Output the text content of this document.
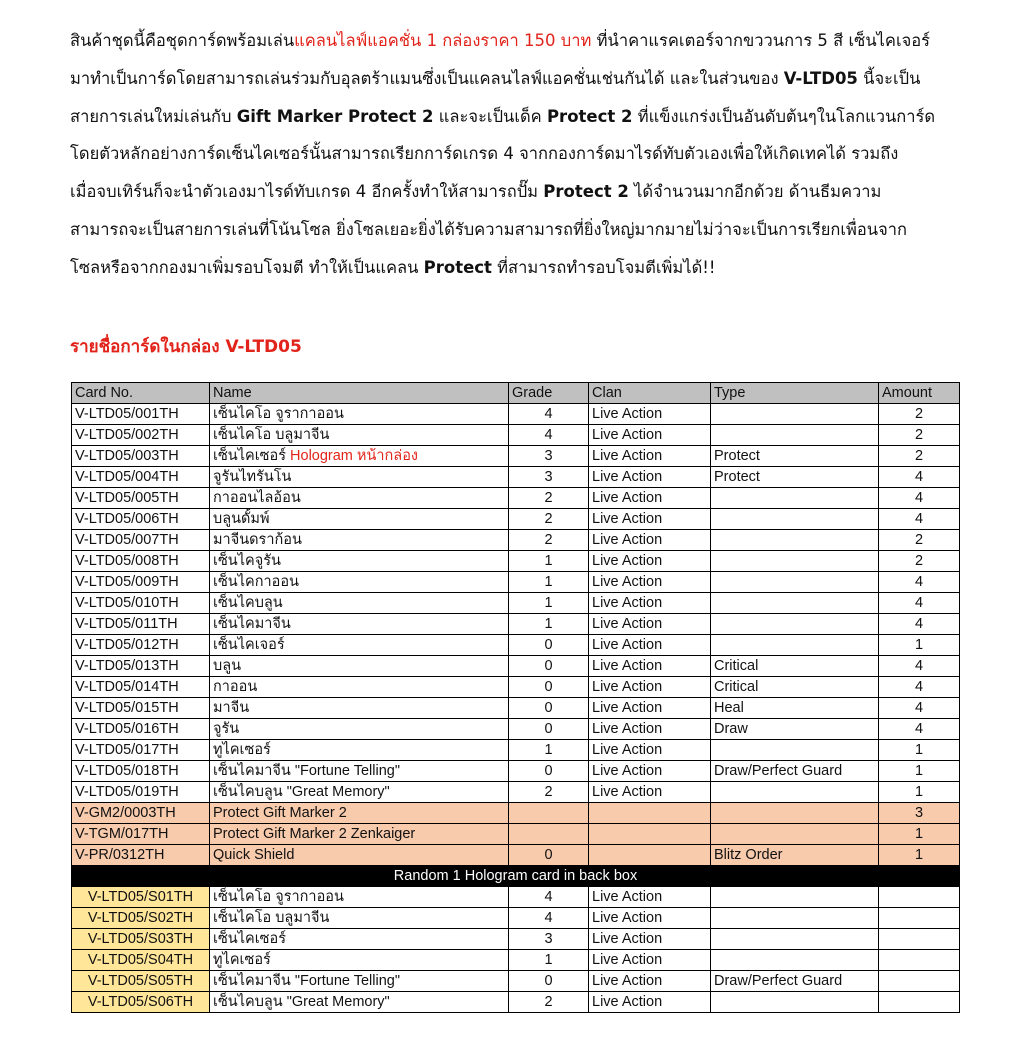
สินค้าชุดนี้คือชุดการ์ดพร้อมเล่นแคลนไลฟ์แอคชั่น 1 กล่องราคา 150 บาท ที่นำคาแรคเตอร์จากขววนการ 5 สี เซ็นไคเจอร์
มาทำเป็นการ์ดโดยสามารถเล่นร่วมกับอุลตร้าแมนซึ่งเป็นแคลนไลฟ์แอคชั่นเช่นกันได้ และในส่วนของ V-LTD05 นี้จะเป็น
สายการเล่นใหม่เล่นกับ Gift Marker Protect 2 และจะเป็นเด็ค Protect 2 ที่แข็งแกร่งเป็นอันดับต้นๆในโลกแวนการ์ด
โดยตัวหลักอย่างการ์ดเซ็นไคเซอร์นั้นสามารถเรียกการ์ดเกรด 4 จากกองการ์ดมาไรด์ทับตัวเองเพื่อให้เกิดเทคได้ รวมถึง
เมื่อจบเทิร์นก็จะนำตัวเองมาไรด์ทับเกรด 4 อีกครั้งทำให้สามารถปั๊ม Protect 2 ได้จำนวนมากอีกด้วย ด้านธีมความ
สามารถจะเป็นสายการเล่นที่โน้นโซล ยิ่งโซลเยอะยิ่งได้รับความสามารถที่ยิ่งใหญ่มากมายไม่ว่าจะเป็นการเรียกเพื่อนจาก
โซลหรือจากกองมาเพิ่มรอบโจมตี ทำให้เป็นแคลน Protect ที่สามารถทำรอบโจมตีเพิ่มได้!!
รายชื่อการ์ดในกล่อง V-LTD05
Card No.	Name	Grade	Clan	Type	Amount
V-LTD05/001TH	เซ็นไคโอ จูรากาออน	4	Live Action		2
V-LTD05/002TH	เซ็นไคโอ บลูมาจีน	4	Live Action		2
V-LTD05/003TH	เซ็นไคเซอร์ Hologram หน้ากล่อง	3	Live Action	Protect	2
V-LTD05/004TH	จูรันไทรันโน	3	Live Action	Protect	4
V-LTD05/005TH	กาออนไลอ้อน	2	Live Action		4
V-LTD05/006TH	บลูนดั้มพ์	2	Live Action		4
V-LTD05/007TH	มาจีนดราก้อน	2	Live Action		2
V-LTD05/008TH	เซ็นไคจูรัน	1	Live Action		2
V-LTD05/009TH	เซ็นไคกาออน	1	Live Action		4
V-LTD05/010TH	เซ็นไคบลูน	1	Live Action		4
V-LTD05/011TH	เซ็นไคมาจีน	1	Live Action		4
V-LTD05/012TH	เซ็นไคเจอร์	0	Live Action		1
V-LTD05/013TH	บลูน	0	Live Action	Critical	4
V-LTD05/014TH	กาออน	0	Live Action	Critical	4
V-LTD05/015TH	มาจีน	0	Live Action	Heal	4
V-LTD05/016TH	จูรัน	0	Live Action	Draw	4
V-LTD05/017TH	ทูไคเซอร์	1	Live Action		1
V-LTD05/018TH	เซ็นไคมาจีน "Fortune Telling"	0	Live Action	Draw/Perfect Guard	1
V-LTD05/019TH	เซ็นไคบลูน "Great Memory"	2	Live Action		1
V-GM2/0003TH	Protect Gift Marker 2				3
V-TGM/017TH	Protect Gift Marker 2 Zenkaiger				1
V-PR/0312TH	Quick Shield	0		Blitz Order	1
Random 1 Hologram card in back box					
V-LTD05/S01TH	เซ็นไคโอ จูรากาออน	4	Live Action		
V-LTD05/S02TH	เซ็นไคโอ บลูมาจีน	4	Live Action		
V-LTD05/S03TH	เซ็นไคเซอร์	3	Live Action		
V-LTD05/S04TH	ทูไคเซอร์	1	Live Action		
V-LTD05/S05TH	เซ็นไคมาจีน "Fortune Telling"	0	Live Action	Draw/Perfect Guard	
V-LTD05/S06TH	เซ็นไคบลูน "Great Memory"	2	Live Action		
